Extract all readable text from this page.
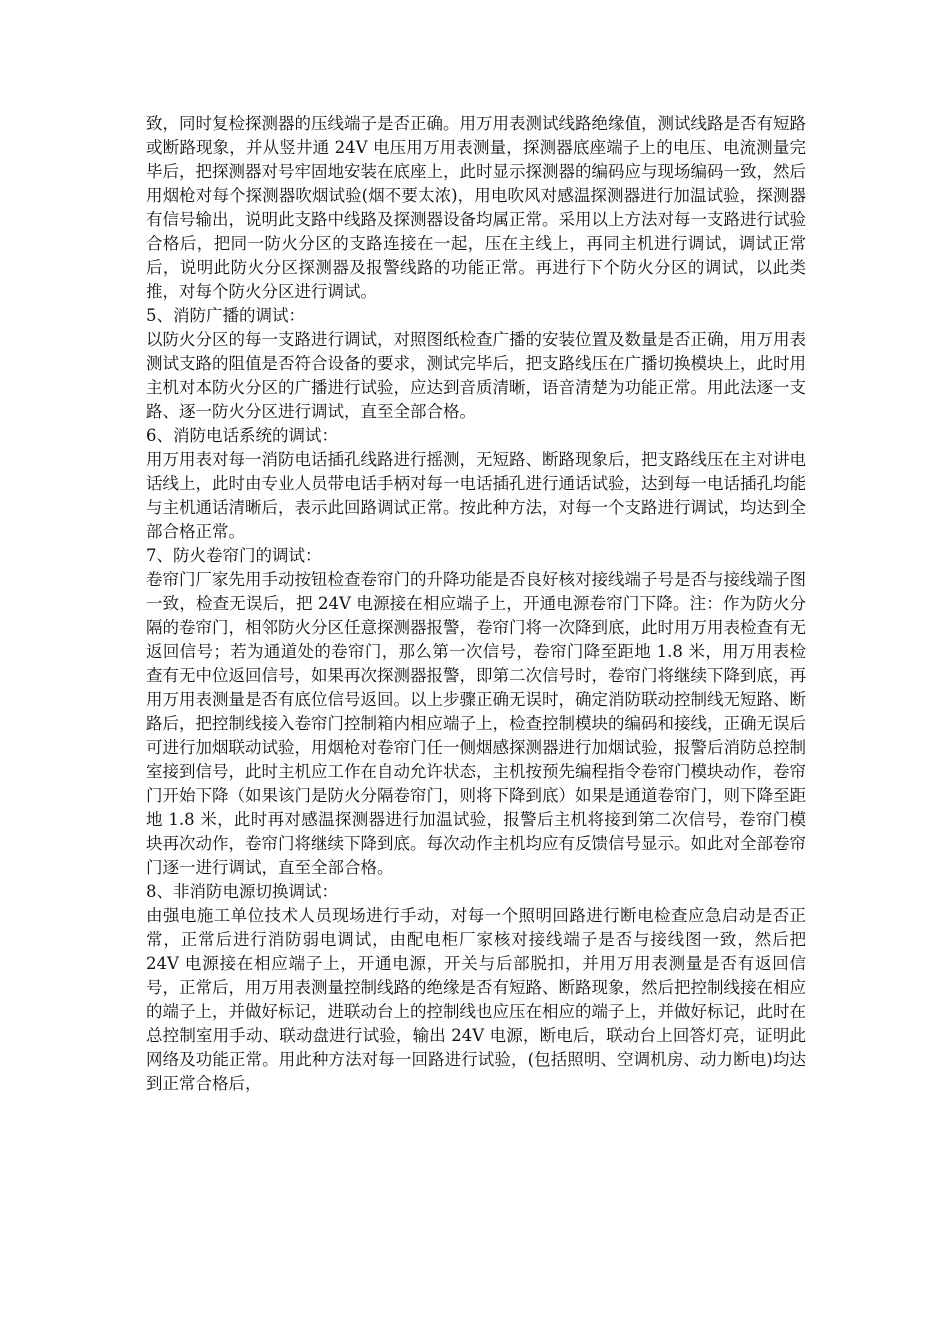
致，同时复检探测器的压线端子是否正确。用万用表测试线路绝缘值，测试线路是否有短路或断路现象，并从竖井通 24V 电压用万用表测量，探测器底座端子上的电压、电流测量完毕后，把探测器对号牢固地安装在底座上，此时显示探测器的编码应与现场编码一致，然后用烟枪对每个探测器吹烟试验(烟不要太浓)，用电吹风对感温探测器进行加温试验，探测器有信号输出，说明此支路中线路及探测器设备均属正常。采用以上方法对每一支路进行试验合格后，把同一防火分区的支路连接在一起，压在主线上，再同主机进行调试，调试正常后，说明此防火分区探测器及报警线路的功能正常。再进行下个防火分区的调试，以此类推，对每个防火分区进行调试。

5、消防广播的调试：

以防火分区的每一支路进行调试，对照图纸检查广播的安装位置及数量是否正确，用万用表测试支路的阻值是否符合设备的要求，测试完毕后，把支路线压在广播切换模块上，此时用主机对本防火分区的广播进行试验，应达到音质清晰，语音清楚为功能正常。用此法逐一支路、逐一防火分区进行调试，直至全部合格。

6、消防电话系统的调试：

用万用表对每一消防电话插孔线路进行摇测，无短路、断路现象后，把支路线压在主对讲电话线上，此时由专业人员带电话手柄对每一电话插孔进行通话试验，达到每一电话插孔均能与主机通话清晰后，表示此回路调试正常。按此种方法，对每一个支路进行调试，均达到全部合格正常。

7、防火卷帘门的调试：

卷帘门厂家先用手动按钮检查卷帘门的升降功能是否良好核对接线端子号是否与接线端子图一致，检查无误后，把 24V 电源接在相应端子上，开通电源卷帘门下降。注：作为防火分隔的卷帘门，相邻防火分区任意探测器报警，卷帘门将一次降到底，此时用万用表检查有无返回信号；若为通道处的卷帘门，那么第一次信号，卷帘门降至距地 1.8 米，用万用表检查有无中位返回信号，如果再次探测器报警，即第二次信号时，卷帘门将继续下降到底，再用万用表测量是否有底位信号返回。以上步骤正确无误时，确定消防联动控制线无短路、断路后，把控制线接入卷帘门控制箱内相应端子上，检查控制模块的编码和接线，正确无误后可进行加烟联动试验，用烟枪对卷帘门任一侧烟感探测器进行加烟试验，报警后消防总控制室接到信号，此时主机应工作在自动允许状态，主机按预先编程指令卷帘门模块动作，卷帘门开始下降（如果该门是防火分隔卷帘门，则将下降到底）如果是通道卷帘门，则下降至距地 1.8 米，此时再对感温探测器进行加温试验，报警后主机将接到第二次信号，卷帘门模块再次动作，卷帘门将继续下降到底。每次动作主机均应有反馈信号显示。如此对全部卷帘门逐一进行调试，直至全部合格。

8、非消防电源切换调试：

由强电施工单位技术人员现场进行手动，对每一个照明回路进行断电检查应急启动是否正常，正常后进行消防弱电调试，由配电柜厂家核对接线端子是否与接线图一致，然后把 24V 电源接在相应端子上，开通电源，开关与后部脱扣，并用万用表测量是否有返回信号，正常后，用万用表测量控制线路的绝缘是否有短路、断路现象，然后把控制线接在相应的端子上，并做好标记，进联动台上的控制线也应压在相应的端子上，并做好标记，此时在总控制室用手动、联动盘进行试验，输出 24V 电源，断电后，联动台上回答灯亮，证明此网络及功能正常。用此种方法对每一回路进行试验，(包括照明、空调机房、动力断电)均达到正常合格后，
